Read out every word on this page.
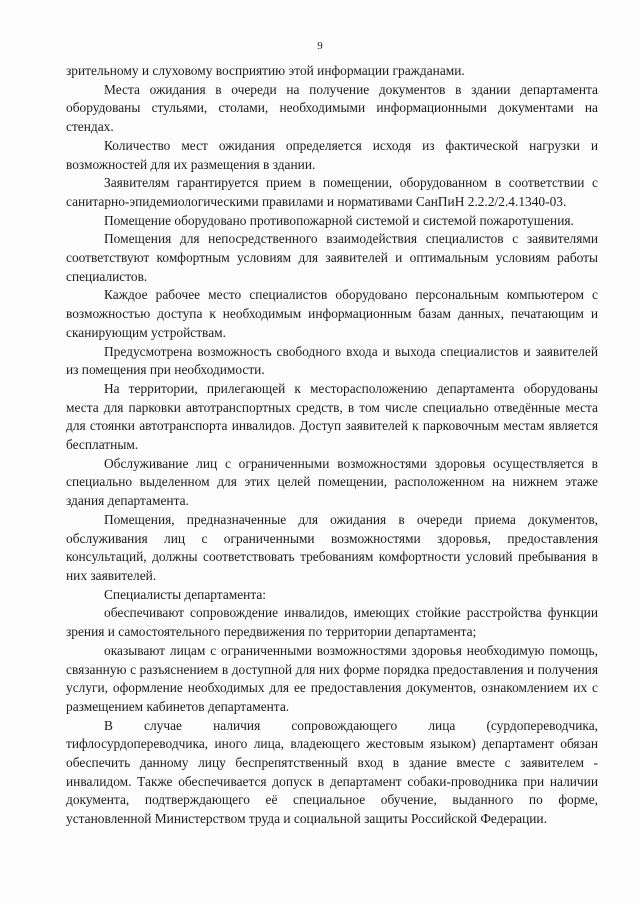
9

зрительному и слуховому восприятию этой информации гражданами.

Места ожидания в очереди на получение документов в здании департамента оборудованы стульями, столами, необходимыми информационными документами на стендах.

Количество мест ожидания определяется исходя из фактической нагрузки и возможностей для их размещения в здании.

Заявителям гарантируется прием в помещении, оборудованном в соответствии с санитарно-эпидемиологическими правилами и нормативами СанПиН 2.2.2/2.4.1340-03.

Помещение оборудовано противопожарной системой и системой пожаротушения.

Помещения для непосредственного взаимодействия специалистов с заявителями соответствуют комфортным условиям для заявителей и оптимальным условиям работы специалистов.

Каждое рабочее место специалистов оборудовано персональным компьютером с возможностью доступа к необходимым информационным базам данных, печатающим и сканирующим устройствам.

Предусмотрена возможность свободного входа и выхода специалистов и заявителей из помещения при необходимости.

На территории, прилегающей к месторасположению департамента оборудованы места для парковки автотранспортных средств, в том числе специально отведённые места для стоянки автотранспорта инвалидов. Доступ заявителей к парковочным местам является бесплатным.

Обслуживание лиц с ограниченными возможностями здоровья осуществляется в специально выделенном для этих целей помещении, расположенном на нижнем этаже здания департамента.

Помещения, предназначенные для ожидания в очереди приема документов, обслуживания лиц с ограниченными возможностями здоровья, предоставления консультаций, должны соответствовать требованиям комфортности условий пребывания в них заявителей.

Специалисты департамента:

обеспечивают сопровождение инвалидов, имеющих стойкие расстройства функции зрения и самостоятельного передвижения по территории департамента;

оказывают лицам с ограниченными возможностями здоровья необходимую помощь, связанную с разъяснением в доступной для них форме порядка предоставления и получения услуги, оформление необходимых для ее предоставления документов, ознакомлением их с размещением кабинетов департамента.

В случае наличия сопровождающего лица (сурдопереводчика, тифлосурдопереводчика, иного лица, владеющего жестовым языком) департамент обязан обеспечить данному лицу беспрепятственный вход в здание вместе с заявителем - инвалидом. Также обеспечивается допуск в департамент собаки-проводника при наличии документа, подтверждающего её специальное обучение, выданного по форме, установленной Министерством труда и социальной защиты Российской Федерации.
